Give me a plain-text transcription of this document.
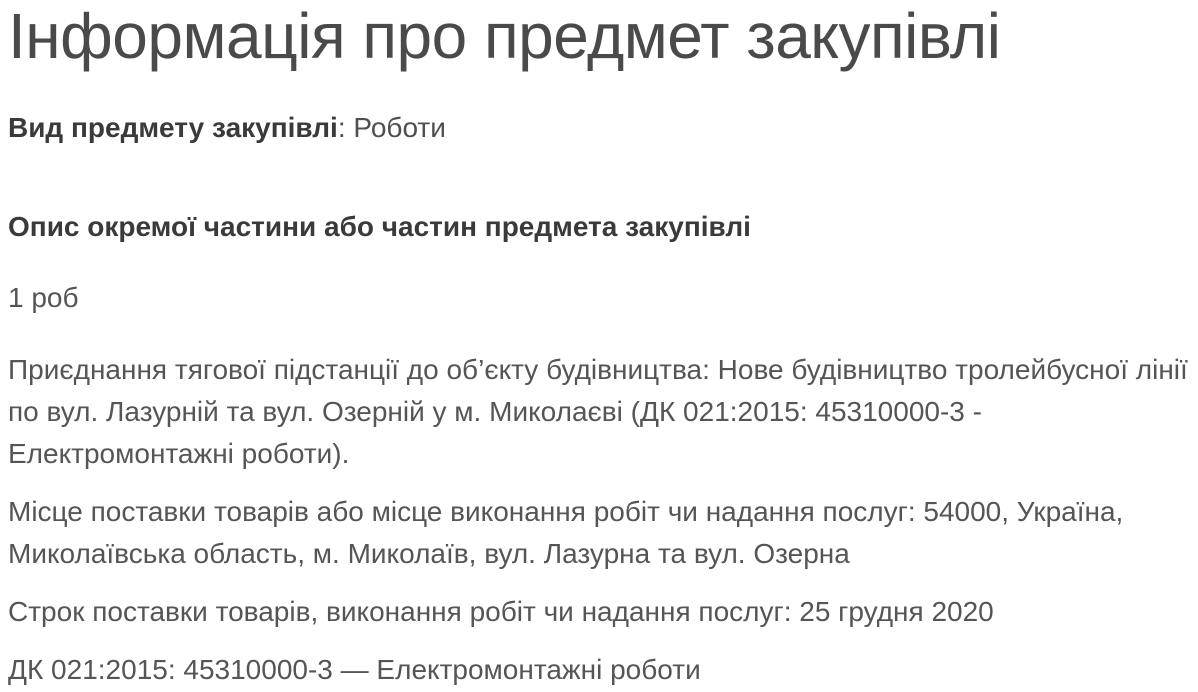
Інформація про предмет закупівлі

Вид предмету закупівлі: Роботи

Опис окремої частини або частин предмета закупівлі

1 роб

Приєднання тягової підстанції до об’єкту будівництва: Нове будівництво тролейбусної лінії по вул. Лазурній та вул. Озерній у м. Миколаєві (ДК 021:2015: 45310000-3 - Електромонтажні роботи).

Місце поставки товарів або місце виконання робіт чи надання послуг: 54000, Україна, Миколаївська область, м. Миколаїв, вул. Лазурна та вул. Озерна

Строк поставки товарів, виконання робіт чи надання послуг: 25 грудня 2020

ДК 021:2015: 45310000-3 — Електромонтажні роботи
